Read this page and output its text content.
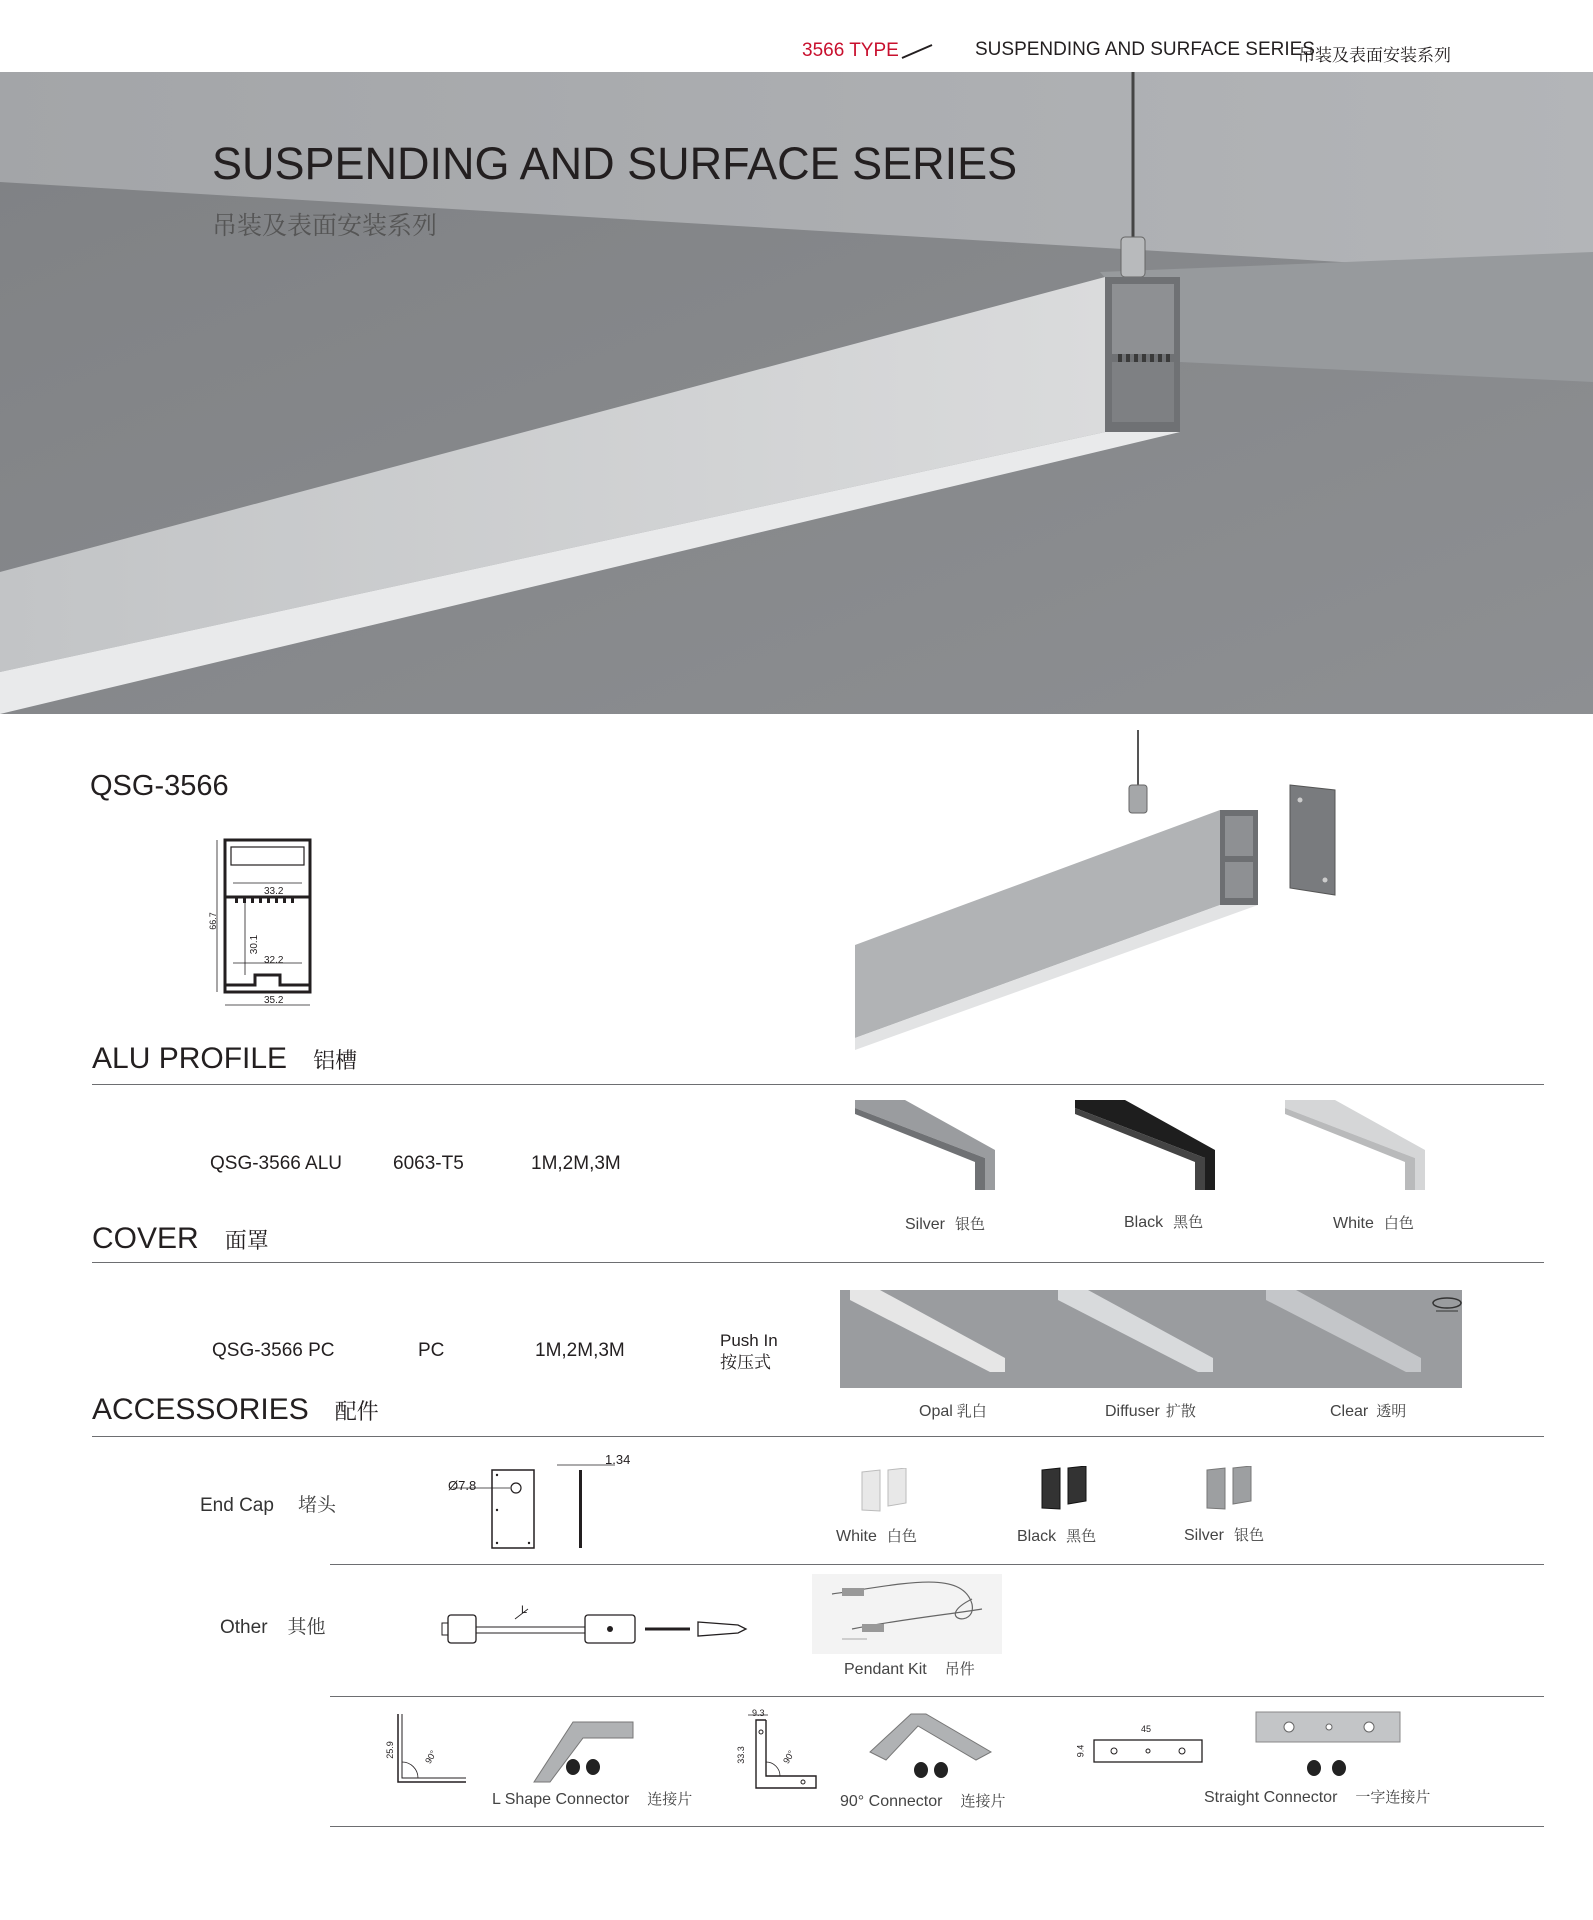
3566 TYPE	SUSPENDING AND SURFACE SERIES
吊装及表面安装系列
SUSPENDING AND SURFACE SERIES
吊装及表面安装系列
QSG-3566
66.7
33.2
30.1
32.2
35.2
ALU PROFILE 铝槽
QSG-3566 ALU	6063-T5	1M,2M,3M
Silver 银色	Black 黑色	White 白色
COVER 面罩
QSG-3566 PC	PC	1M,2M,3M	Push In
按压式
Opal 乳白	Diffuser 扩散	Clear 透明
ACCESSORIES 配件
End Cap 堵头
Ø7.8
1.34
White 白色	Black 黑色	Silver 银色
Other 其他
L
Pendant Kit 吊件
25.9	90°
L Shape Connector 连接片
9.3
33.3	90°
90° Connector 连接片
45
9.4
Straight Connector 一字连接片
